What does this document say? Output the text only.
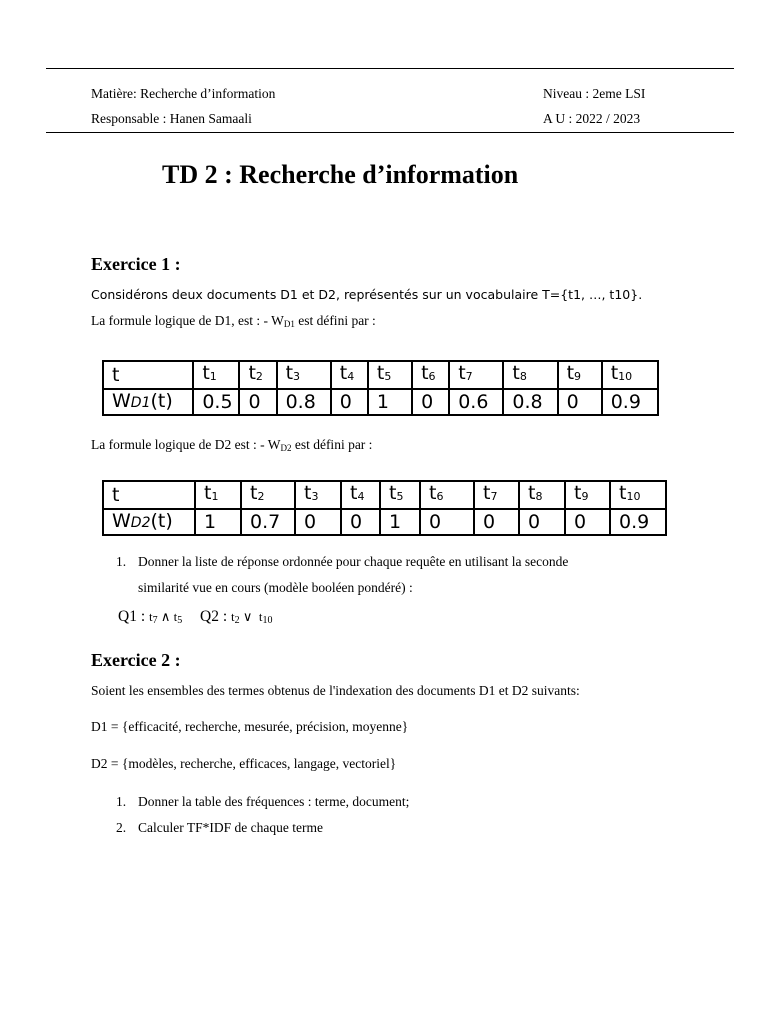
Matière: Recherche d’information	Niveau : 2eme LSI
Responsable : Hanen Samaali	A U : 2022 / 2023
TD 2 : Recherche d’information
Exercice 1 :
Considérons deux documents D1 et D2, représentés sur un vocabulaire T={t1, …, t10}.
La formule logique de D1, est : - $W_{D1}$ est défini par :
t	$t_1$	$t_2$	$t_3$	$t_4$	$t_5$	$t_6$	$t_7$	$t_8$	$t_9$	$t_{10}$
WD1(t)	0.5	0	0.8	0	1	0	0.6	0.8	0	0.9
La formule logique de D2 est : - $W_{D2}$ est défini par :
t	$t_1$	$t_2$	$t_3$	$t_4$	$t_5$	$t_6$	$t_7$	$t_8$	$t_9$	$t_{10}$
WD2(t)	1	0.7	0	0	1	0	0	0	0	0.9
1. Donner la liste de réponse ordonnée pour chaque requête en utilisant la seconde
similarité vue en cours (modèle booléen pondéré) :
Q1 : $t_7$ ∧ $t_5$ Q2 : $t_2$ ∨  $t_{10}$
Exercice 2 :
Soient les ensembles des termes obtenus de l'indexation des documents D1 et D2 suivants:
D1 = {efficacité, recherche, mesurée, précision, moyenne}
D2 = {modèles, recherche, efficaces, langage, vectoriel}
1. Donner la table des fréquences : terme, document;
2. Calculer TF*IDF de chaque terme
